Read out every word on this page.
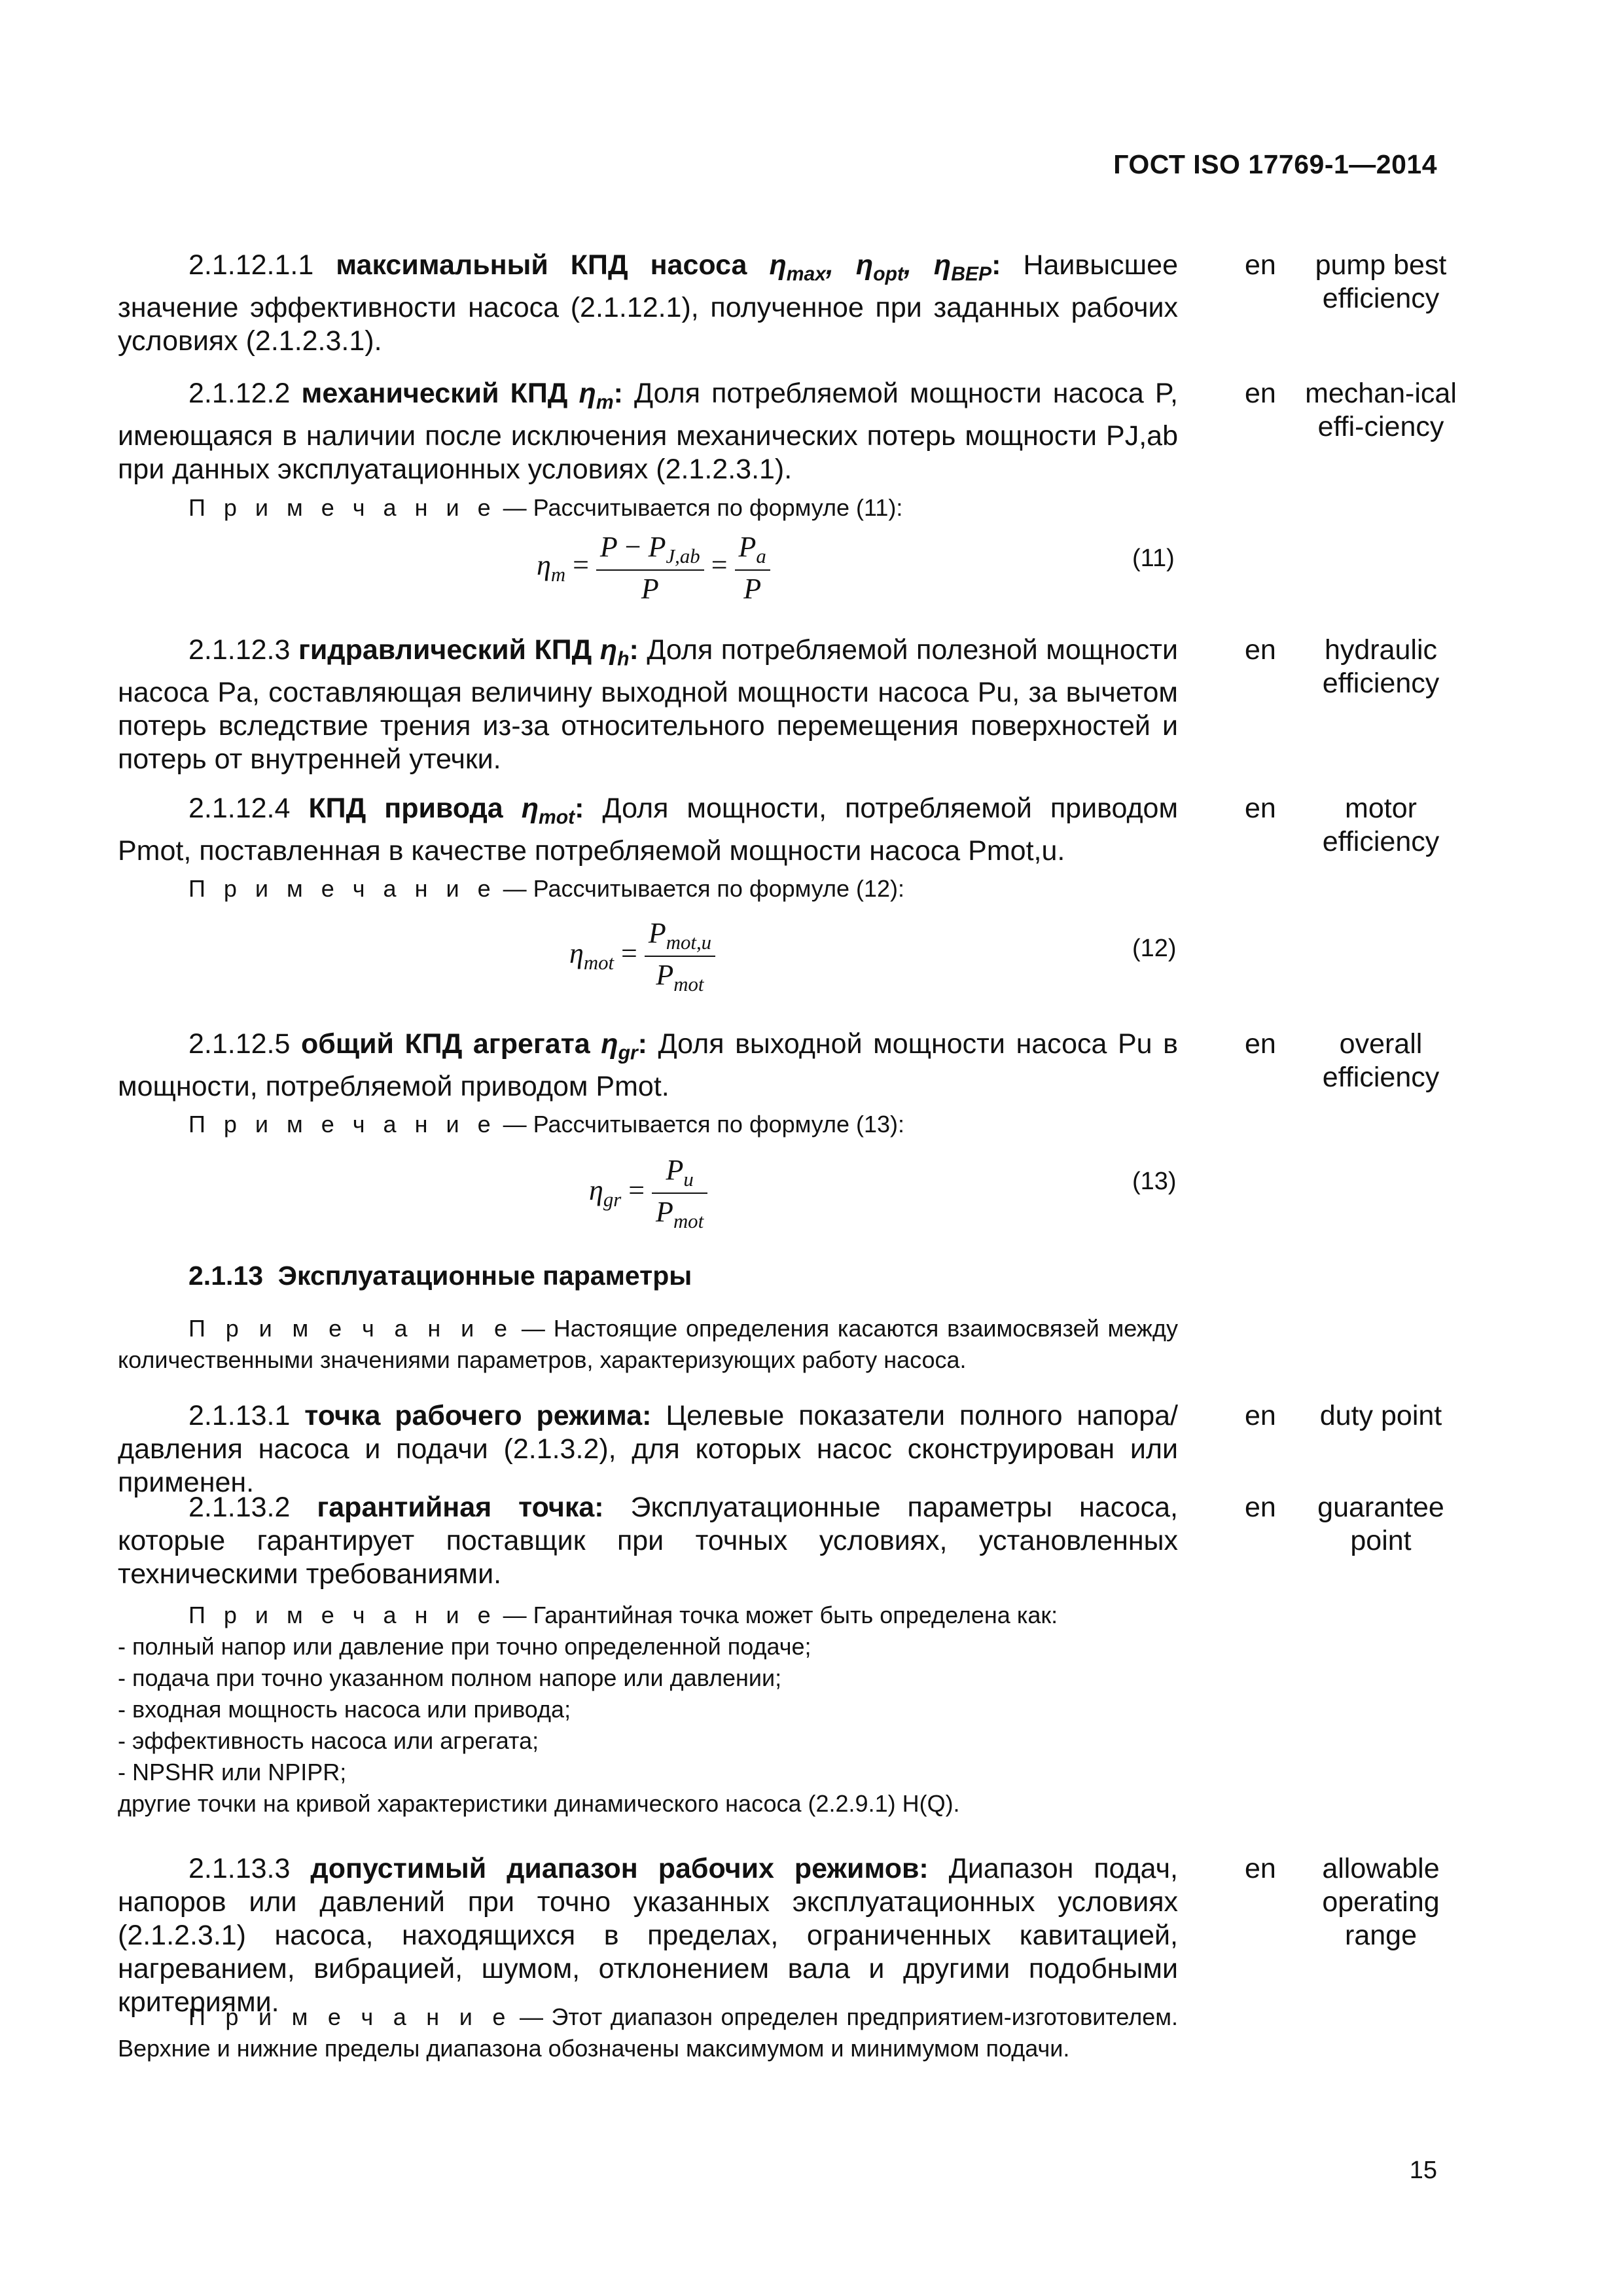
ГОСТ ISO 17769-1—2014
2.1.12.1.1 максимальный КПД насоса $\eta_{max}$, $\eta_{opt}$, $\eta_{BEP}$: Наивысшее значение эффективности насоса (2.1.12.1), полученное при заданных рабочих условиях (2.1.2.3.1).
en	pump best efficiency
2.1.12.2 механический КПД $\eta_m$: Доля потребляемой мощности насоса P, имеющаяся в наличии после исключения механических потерь мощности PJ,ab при данных эксплуатационных условиях (2.1.2.3.1).
en	mechan-ical effi-ciency
П р и м е ч а н и е — Рассчитывается по формуле (11):
$\eta_m = \frac{P - P_{J,ab}}{P} = \frac{P_a}{P}$	(11)
2.1.12.3 гидравлический КПД $\eta_h$: Доля потребляемой полезной мощности насоса Pa, составляющая величину выходной мощности насоса Pu, за вычетом потерь вследствие трения из-за относительного перемещения поверхностей и потерь от внутренней утечки.
en	hydraulic efficiency
2.1.12.4 КПД привода $\eta_{mot}$: Доля мощности, потребляемой приводом Pmot, поставленная в качестве потребляемой мощности насоса Pmot,u.
en	motor efficiency
П р и м е ч а н и е — Рассчитывается по формуле (12):
$\eta_{mot} = \frac{P_{mot,u}}{P_{mot}}$	(12)
2.1.12.5 общий КПД агрегата $\eta_{gr}$: Доля выходной мощности насоса Pu в мощности, потребляемой приводом Pmot.
en	overall efficiency
П р и м е ч а н и е — Рассчитывается по формуле (13):
$\eta_{gr} = \frac{P_u}{P_{mot}}$	(13)
2.1.13 Эксплуатационные параметры
П р и м е ч а н и е — Настоящие определения касаются взаимосвязей между количественными значениями параметров, характеризующих работу насоса.
2.1.13.1 точка рабочего режима: Целевые показатели полного напора/давления насоса и подачи (2.1.3.2), для которых насос сконструирован или применен.
en	duty point
2.1.13.2 гарантийная точка: Эксплуатационные параметры насоса, которые гарантирует поставщик при точных условиях, установленных техническими требованиями.
en	guarantee point
П р и м е ч а н и е — Гарантийная точка может быть определена как:
- полный напор или давление при точно определенной подаче;
- подача при точно указанном полном напоре или давлении;
- входная мощность насоса или привода;
- эффективность насоса или агрегата;
- NPSHR или NPIPR;
другие точки на кривой характеристики динамического насоса (2.2.9.1) H(Q).
2.1.13.3 допустимый диапазон рабочих режимов: Диапазон подач, напоров или давлений при точно указанных эксплуатационных условиях (2.1.2.3.1) насоса, находящихся в пределах, ограниченных кавитацией, нагреванием, вибрацией, шумом, отклонением вала и другими подобными критериями.
en	allowable operating range
П р и м е ч а н и е — Этот диапазон определен предприятием-изготовителем. Верхние и нижние пределы диапазона обозначены максимумом и минимумом подачи.
15
